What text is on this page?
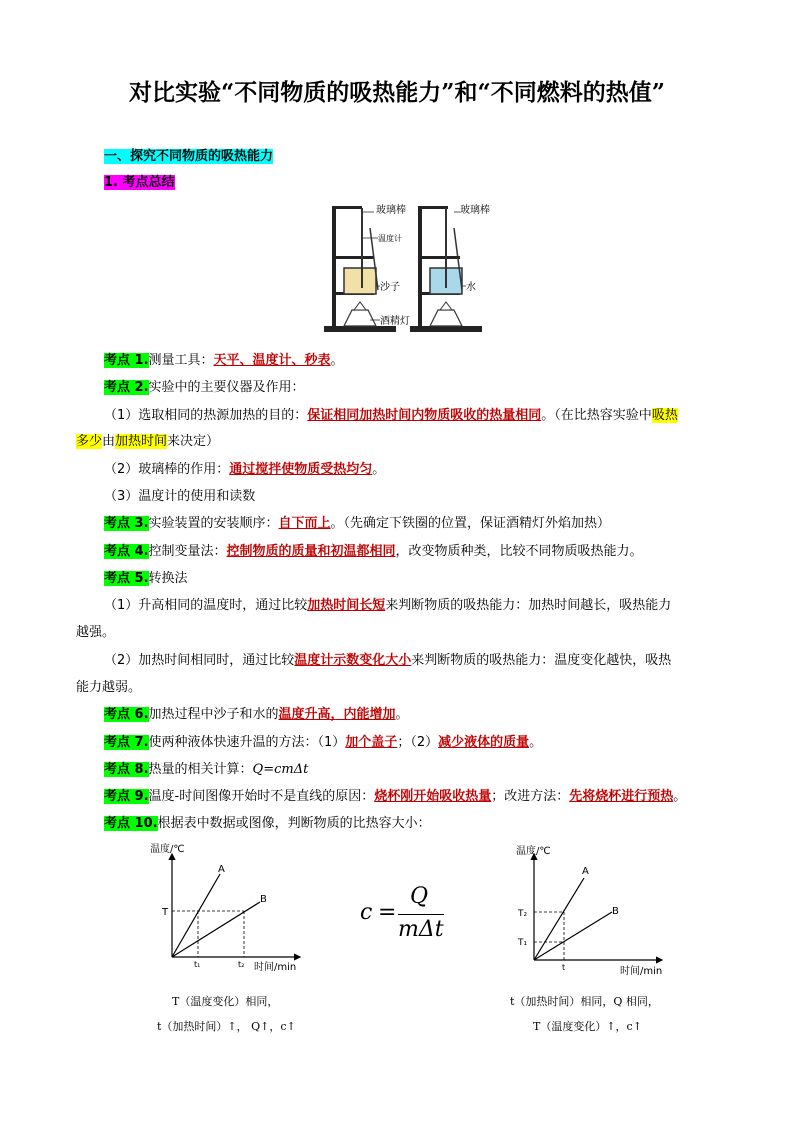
对比实验“不同物质的吸热能力”和“不同燃料的热值”
一、探究不同物质的吸热能力
1. 考点总结
玻璃棒	玻璃棒
温度计
沙子	水
酒精灯
考点 1.测量工具：天平、温度计、秒表。
考点 2.实验中的主要仪器及作用：
（1）选取相同的热源加热的目的：保证相同加热时间内物质吸收的热量相同。（在比热容实验中吸热
多少由加热时间来决定）
（2）玻璃棒的作用：通过搅拌使物质受热均匀。
（3）温度计的使用和读数
考点 3.实验装置的安装顺序：自下而上。（先确定下铁圈的位置，保证酒精灯外焰加热）
考点 4.控制变量法：控制物质的质量和初温都相同，改变物质种类，比较不同物质吸热能力。
考点 5.转换法
（1）升高相同的温度时，通过比较加热时间长短来判断物质的吸热能力：加热时间越长，吸热能力
越强。
（2）加热时间相同时，通过比较温度计示数变化大小来判断物质的吸热能力：温度变化越快，吸热
能力越弱。
考点 6.加热过程中沙子和水的温度升高，内能增加。
考点 7.使两种液体快速升温的方法：（1）加个盖子；（2）减少液体的质量。
考点 8.热量的相关计算：Q=cmΔt
考点 9.温度-时间图像开始时不是直线的原因：烧杯刚开始吸收热量；改进方法：先将烧杯进行预热。
考点 10.根据表中数据或图像，判断物质的比热容大小：
温度/℃
时间/min
A
B
T
t₁	t₂
T（温度变化）相同，
t（加热时间）↑， Q↑，c↑
c =
Q
mΔt
温度/℃
时间/min
A
B
T₂
T₁
t
t（加热时间）相同，Q 相同，
T（温度变化）↑，c↑
